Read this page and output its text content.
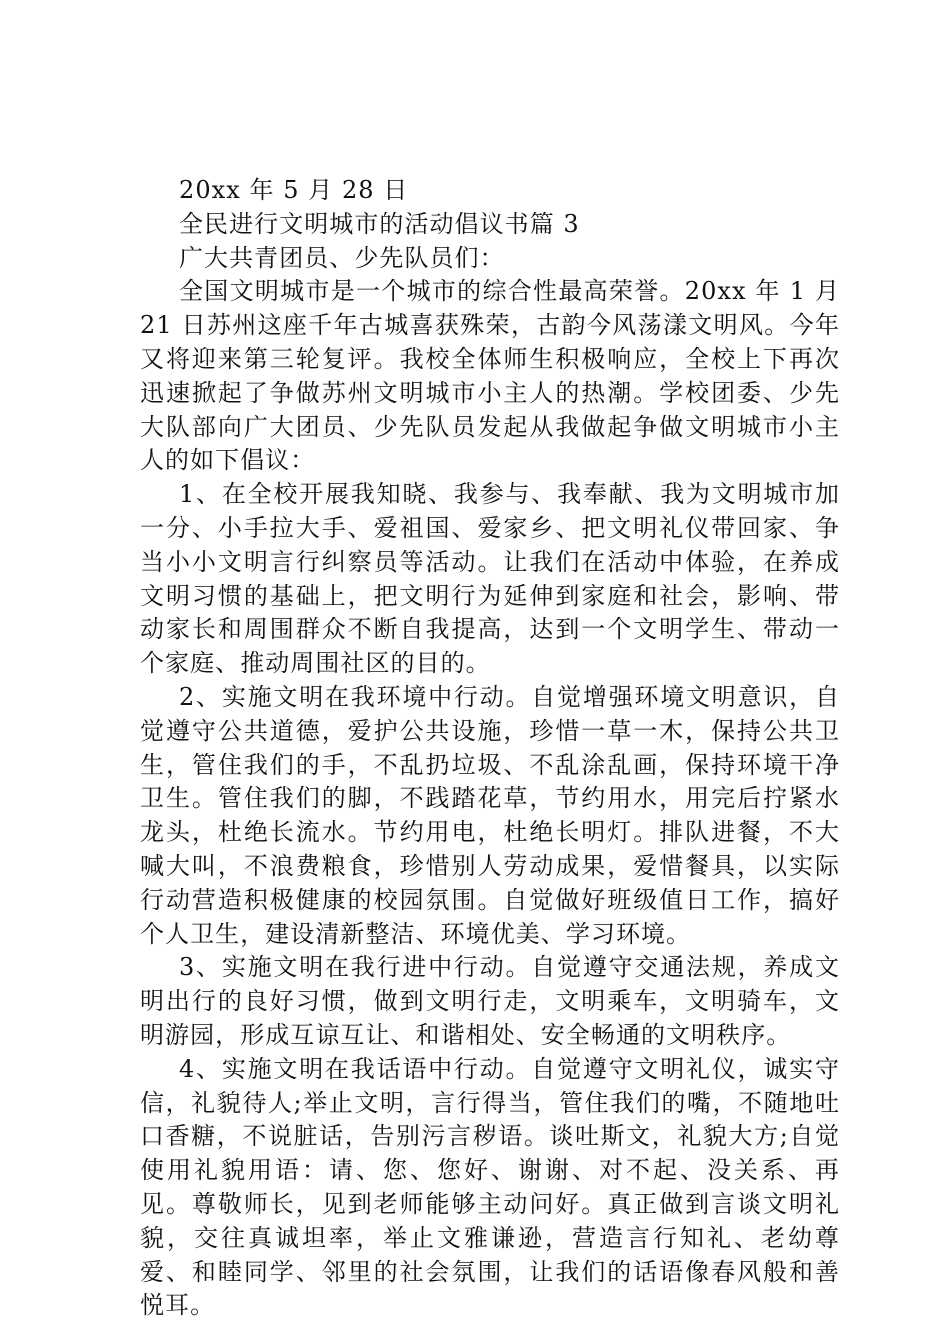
20xx 年 5 月 28 日

全民进行文明城市的活动倡议书篇 3

广大共青团员、少先队员们：

全国文明城市是一个城市的综合性最高荣誉。20xx 年 1 月 21 日苏州这座千年古城喜获殊荣，古韵今风荡漾文明风。今年又将迎来第三轮复评。我校全体师生积极响应，全校上下再次迅速掀起了争做苏州文明城市小主人的热潮。学校团委、少先大队部向广大团员、少先队员发起从我做起争做文明城市小主人的如下倡议：

1、在全校开展我知晓、我参与、我奉献、我为文明城市加一分、小手拉大手、爱祖国、爱家乡、把文明礼仪带回家、争当小小文明言行纠察员等活动。让我们在活动中体验，在养成文明习惯的基础上，把文明行为延伸到家庭和社会，影响、带动家长和周围群众不断自我提高，达到一个文明学生、带动一个家庭、推动周围社区的目的。

2、实施文明在我环境中行动。自觉增强环境文明意识，自觉遵守公共道德，爱护公共设施，珍惜一草一木，保持公共卫生，管住我们的手，不乱扔垃圾、不乱涂乱画，保持环境干净卫生。管住我们的脚，不践踏花草，节约用水，用完后拧紧水龙头，杜绝长流水。节约用电，杜绝长明灯。排队进餐，不大喊大叫，不浪费粮食，珍惜别人劳动成果，爱惜餐具，以实际行动营造积极健康的校园氛围。自觉做好班级值日工作，搞好个人卫生，建设清新整洁、环境优美、学习环境。

3、实施文明在我行进中行动。自觉遵守交通法规，养成文明出行的良好习惯，做到文明行走，文明乘车，文明骑车，文明游园，形成互谅互让、和谐相处、安全畅通的文明秩序。

4、实施文明在我话语中行动。自觉遵守文明礼仪，诚实守信，礼貌待人;举止文明，言行得当，管住我们的嘴，不随地吐口香糖，不说脏话，告别污言秽语。谈吐斯文，礼貌大方;自觉使用礼貌用语：请、您、您好、谢谢、对不起、没关系、再见。尊敬师长，见到老师能够主动问好。真正做到言谈文明礼貌，交往真诚坦率，举止文雅谦逊，营造言行知礼、老幼尊爱、和睦同学、邻里的社会氛围，让我们的话语像春风般和善悦耳。
